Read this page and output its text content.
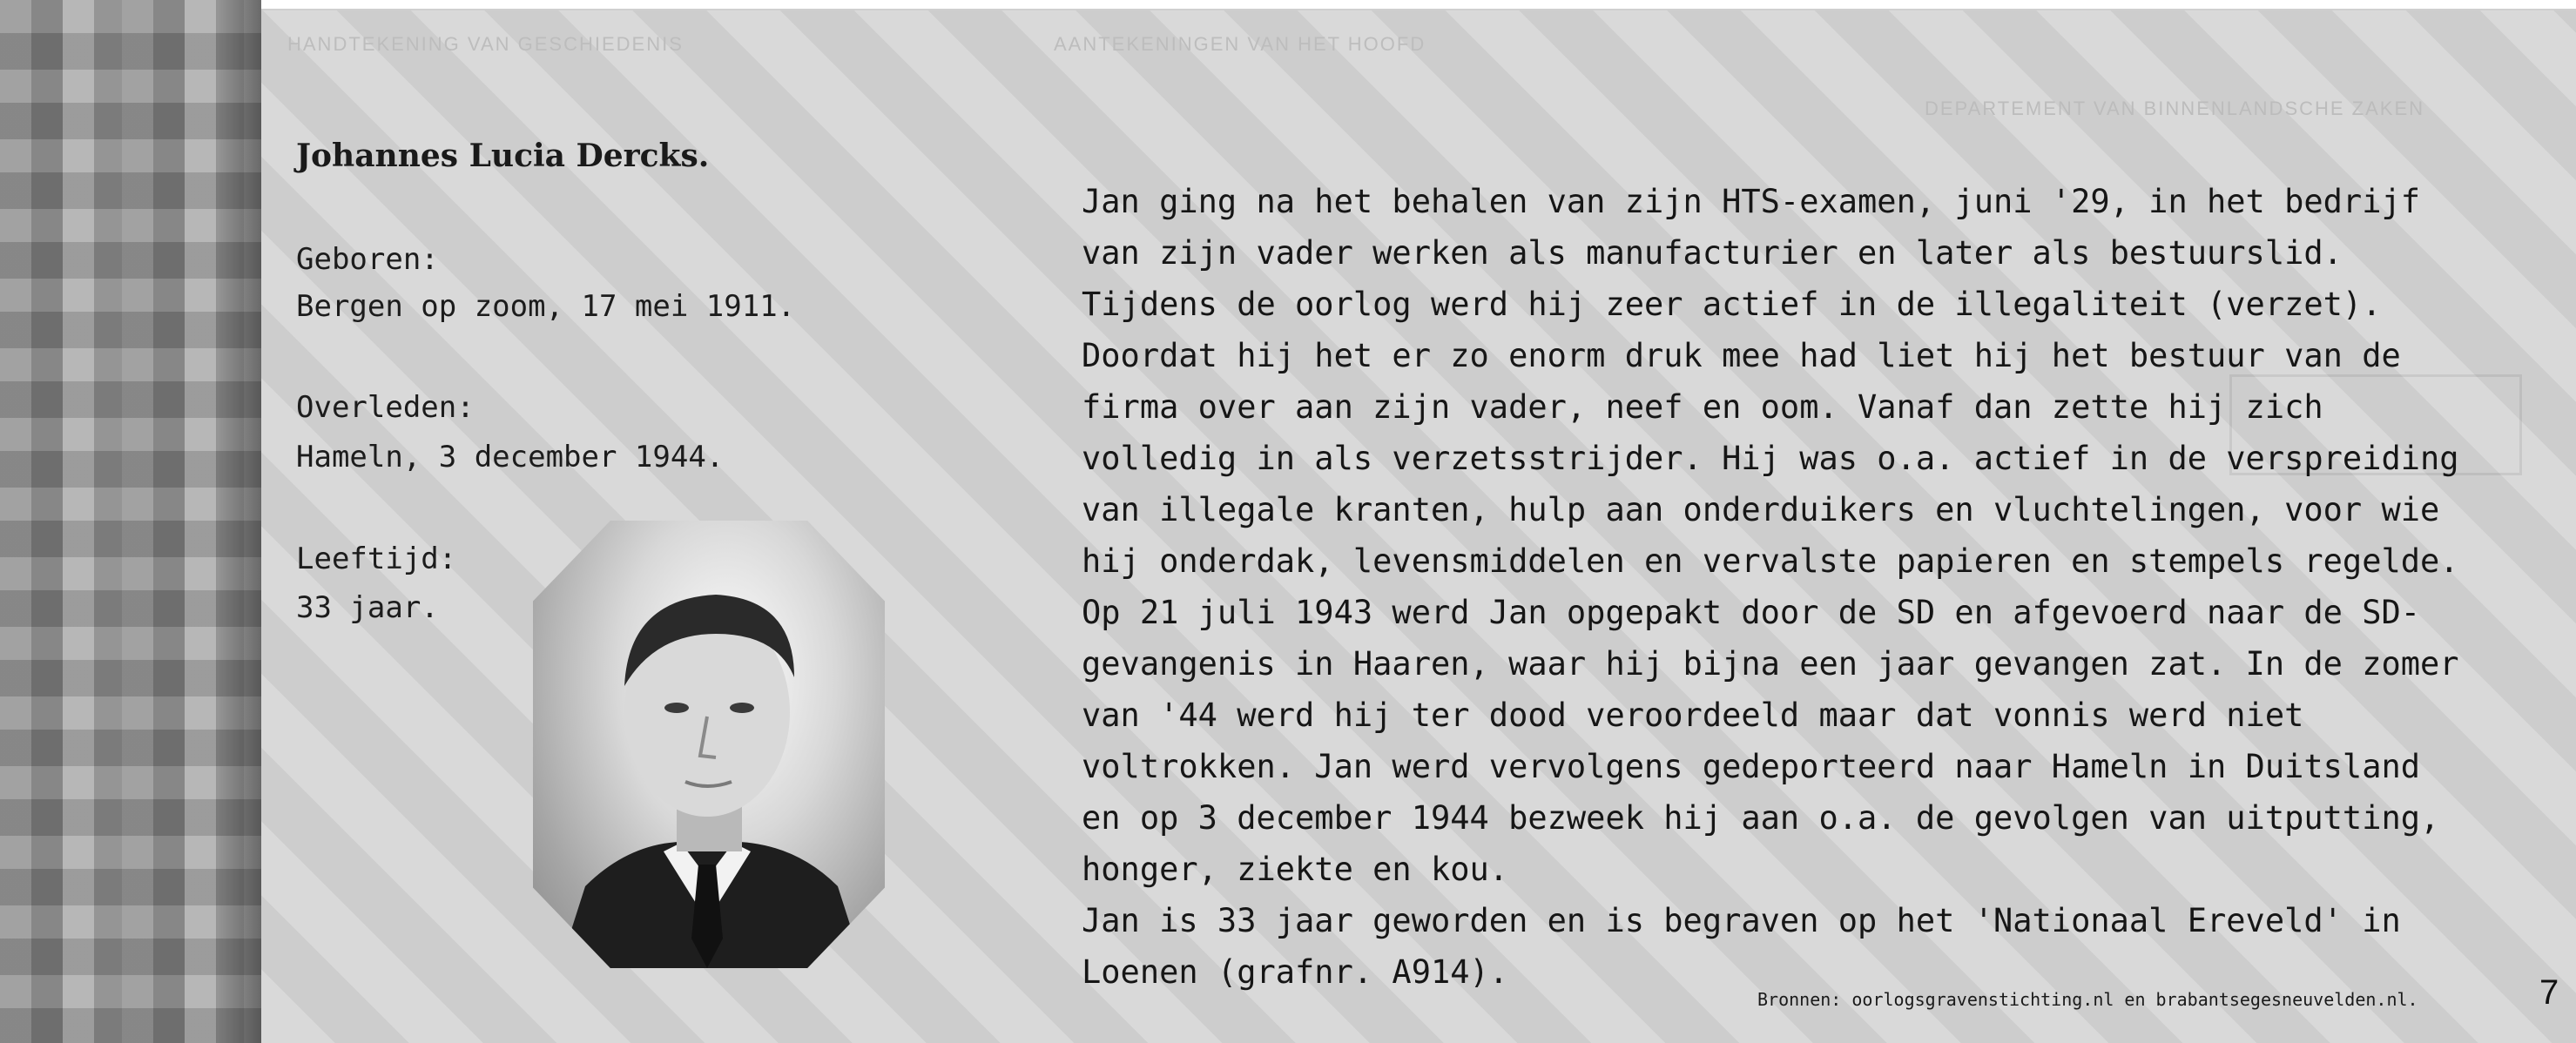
HANDTEKENING VAN GESCHIEDENIS	AANTEKENINGEN VAN HET HOOFD
DEPARTEMENT VAN BINNENLANDSCHE ZAKEN
Johannes Lucia Dercks.
Geboren:
Bergen op zoom, 17 mei 1911.
Overleden:
Hameln, 3 december 1944.
Leeftijd:
33 jaar.
Jan ging na het behalen van zijn HTS-examen, juni '29, in het bedrijf
van zijn vader werken als manufacturier en later als bestuurslid.
Tijdens de oorlog werd hij zeer actief in de illegaliteit (verzet).
Doordat hij het er zo enorm druk mee had liet hij het bestuur van de
firma over aan zijn vader, neef en oom. Vanaf dan zette hij zich
volledig in als verzetsstrijder. Hij was o.a. actief in de verspreiding
van illegale kranten, hulp aan onderduikers en vluchtelingen, voor wie
hij onderdak, levensmiddelen en vervalste papieren en stempels regelde.
Op 21 juli 1943 werd Jan opgepakt door de SD en afgevoerd naar de SD-
gevangenis in Haaren, waar hij bijna een jaar gevangen zat. In de zomer
van '44 werd hij ter dood veroordeeld maar dat vonnis werd niet
voltrokken. Jan werd vervolgens gedeporteerd naar Hameln in Duitsland
en op 3 december 1944 bezweek hij aan o.a. de gevolgen van uitputting,
honger, ziekte en kou.
Jan is 33 jaar geworden en is begraven op het 'Nationaal Ereveld' in
Loenen (grafnr. A914).
Bronnen: oorlogsgravenstichting.nl en brabantsegesneuvelden.nl.	7
